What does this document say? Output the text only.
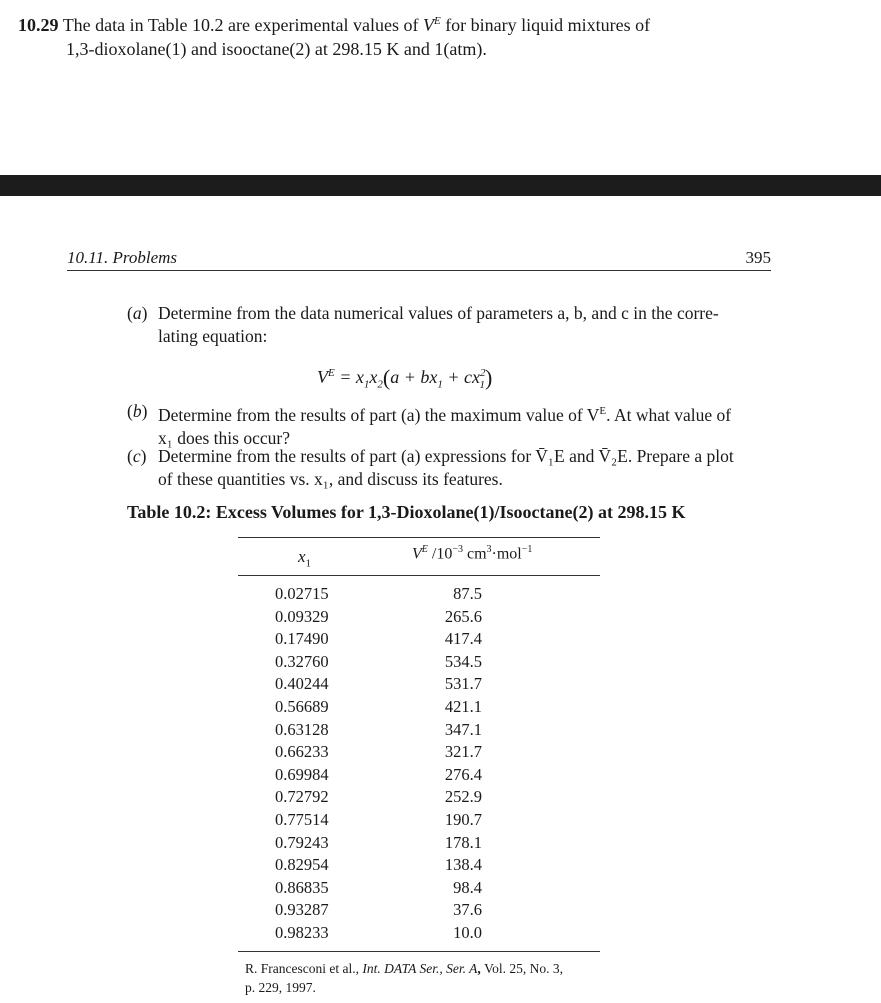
10.29 The data in Table 10.2 are experimental values of $V^E$ for binary liquid mixtures of
1,3-dioxolane(1) and isooctane(2) at 298.15 K and 1(atm).
10.11. Problems	395
(a) Determine from the data numerical values of parameters a, b, and c in the corre-
lating equation:
$V^E = x_1x_2(a + bx_1 + cx^2_1)$
(b) Determine from the results of part (a) the maximum value of $V^E$. At what value of
x₁ does this occur?
(c) Determine from the results of part (a) expressions for V̄₁E and V̄₂E. Prepare a plot
of these quantities vs. x₁, and discuss its features.
Table 10.2: Excess Volumes for 1,3-Dioxolane(1)/Isooctane(2) at 298.15 K
$x_1$
$V^E$ $/10^{-3}$ $cm^3\cdot mol^{-1}$
0.02715	87.5
0.09329	265.6
0.17490	417.4
0.32760	534.5
0.40244	531.7
0.56689	421.1
0.63128	347.1
0.66233	321.7
0.69984	276.4
0.72792	252.9
0.77514	190.7
0.79243	178.1
0.82954	138.4
0.86835	98.4
0.93287	37.6
0.98233	10.0
R. Francesconi et al., Int. DATA Ser., Ser. A, Vol. 25, No. 3,
p. 229, 1997.
